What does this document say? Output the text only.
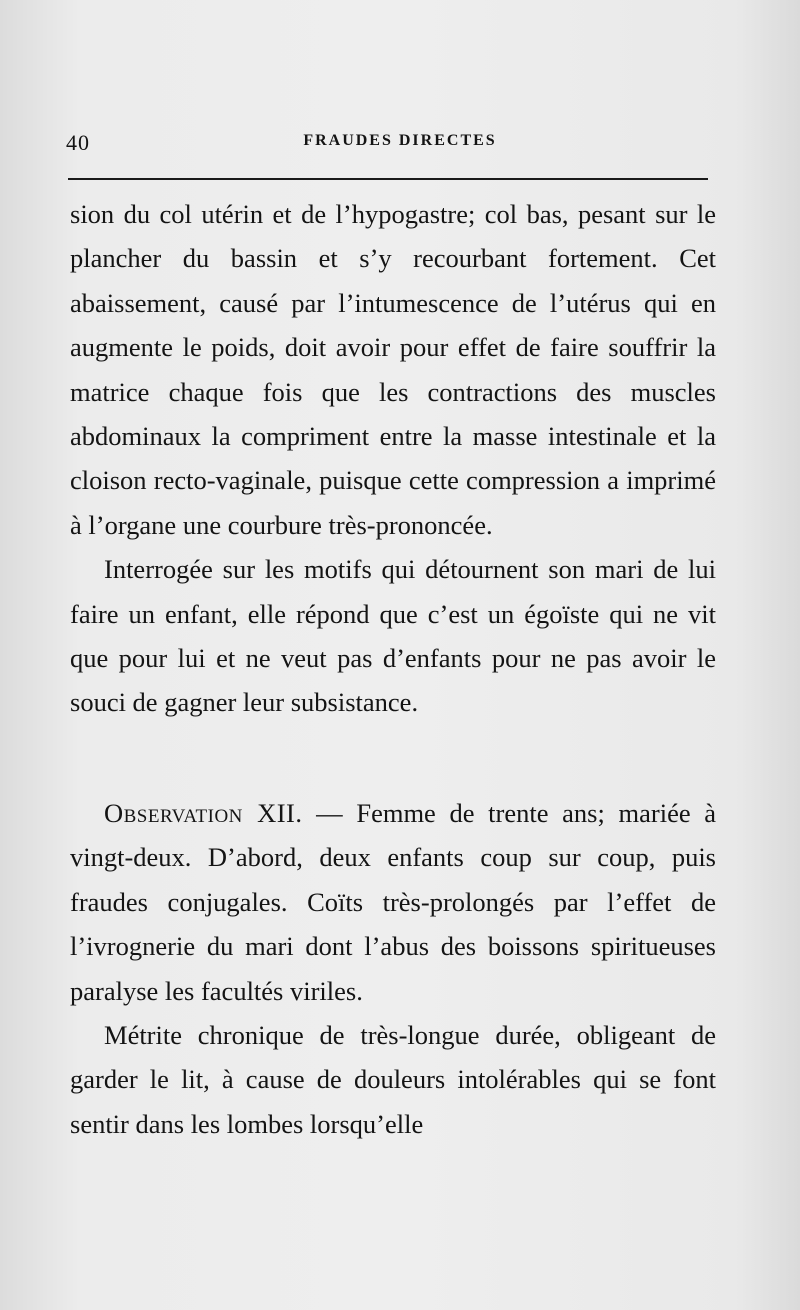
40	FRAUDES DIRECTES

sion du col utérin et de l’hypogastre; col bas, pesant sur le plancher du bassin et s’y recourbant fortement. Cet abaissement, causé par l’intumescence de l’utérus qui en augmente le poids, doit avoir pour effet de faire souffrir la matrice chaque fois que les contractions des muscles abdominaux la compriment entre la masse intestinale et la cloison recto-vaginale, puisque cette compression a imprimé à l’organe une courbure très-prononcée.

Interrogée sur les motifs qui détournent son mari de lui faire un enfant, elle répond que c’est un égoïste qui ne vit que pour lui et ne veut pas d’enfants pour ne pas avoir le souci de gagner leur subsistance.

Observation XII. — Femme de trente ans; mariée à vingt-deux. D’abord, deux enfants coup sur coup, puis fraudes conjugales. Coïts très-prolongés par l’effet de l’ivrognerie du mari dont l’abus des boissons spiritueuses paralyse les facultés viriles.

Métrite chronique de très-longue durée, obligeant de garder le lit, à cause de douleurs intolérables qui se font sentir dans les lombes lorsqu’elle
